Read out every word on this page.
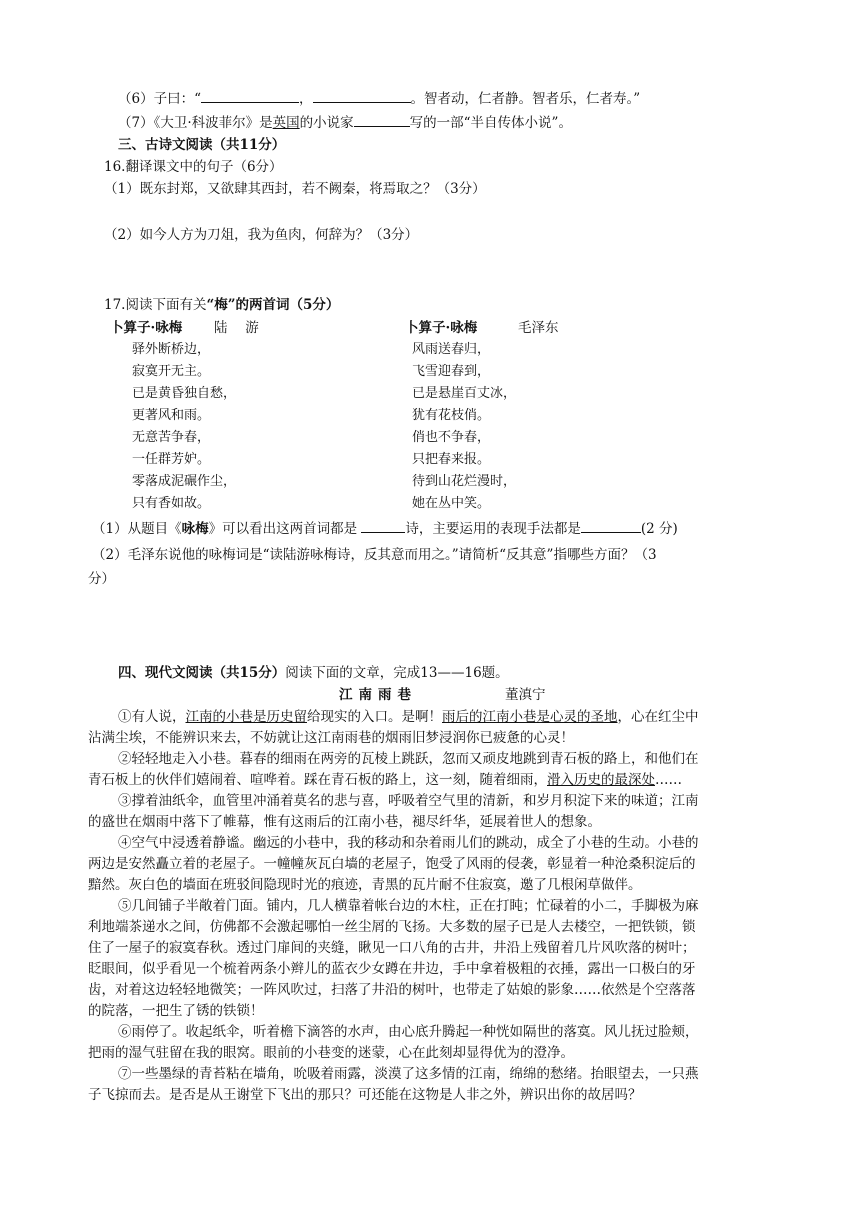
（6）子曰：“	，	。智者动，仁者静。智者乐，仁者寿。”
（7）《大卫·科波菲尔》是英国的小说家	写的一部“半自传体小说”。
三、古诗文阅读（共11分）
16.翻译课文中的句子（6分）
（1）既东封郑，又欲肆其西封，若不阙秦，将焉取之？（3分）
（2）如今人方为刀俎，我为鱼肉，何辞为？（3分）
17.阅读下面有关“梅”的两首词（5分）
卜算子·咏梅 陆　 游	卜算子·咏梅	毛泽东
驿外断桥边，
寂寞开无主。
已是黄昏独自愁，
更著风和雨。
无意苦争春，
一任群芳妒。
零落成泥碾作尘，
只有香如故。
风雨送春归，
飞雪迎春到，
已是悬崖百丈冰，
犹有花枝俏。
俏也不争春，
只把春来报。
待到山花烂漫时，
她在丛中笑。
（1）从题目《咏梅》可以看出这两首词都是	诗，主要运用的表现手法都是	(2 分)
（2）毛泽东说他的咏梅词是“读陆游咏梅诗，反其意而用之。”请简析“反其意”指哪些方面？（3
分）
四、现代文阅读（共15分）阅读下面的文章，完成13——16题。
江南雨巷	董滇宁
①有人说，江南的小巷是历史留给现实的入口。是啊！雨后的江南小巷是心灵的圣地，心在红尘中
沾满尘埃，不能辨识来去，不妨就让这江南雨巷的烟雨旧梦浸润你已疲惫的心灵！
②轻轻地走入小巷。暮春的细雨在两旁的瓦棱上跳跃，忽而又顽皮地跳到青石板的路上，和他们在
青石板上的伙伴们嬉闹着、喧哗着。踩在青石板的路上，这一刻，随着细雨，滑入历史的最深处……
③撑着油纸伞，血管里冲涌着莫名的悲与喜，呼吸着空气里的清新，和岁月积淀下来的味道；江南
的盛世在烟雨中落下了帷幕，惟有这雨后的江南小巷，褪尽纤华，延展着世人的想象。
④空气中浸透着静谧。幽远的小巷中，我的移动和杂着雨儿们的跳动，成全了小巷的生动。小巷的
两边是安然矗立着的老屋子。一幢幢灰瓦白墙的老屋子，饱受了风雨的侵袭，彰显着一种沧桑积淀后的
黯然。灰白色的墙面在班驳间隐现时光的痕迹，青黑的瓦片耐不住寂寞，邀了几根闲草做伴。
⑤几间铺子半敞着门面。铺内，几人横靠着帐台边的木柱，正在打盹；忙碌着的小二，手脚极为麻
利地端茶递水之间，仿佛都不会激起哪怕一丝尘屑的飞扬。大多数的屋子已是人去楼空，一把铁锁，锁
住了一屋子的寂寞春秋。透过门扉间的夹缝，瞅见一口八角的古井，井沿上残留着几片风吹落的树叶；
眨眼间，似乎看见一个梳着两条小辫儿的蓝衣少女蹲在井边，手中拿着极粗的衣捶，露出一口极白的牙
齿，对着这边轻轻地微笑；一阵风吹过，扫落了井沿的树叶，也带走了姑娘的影象……依然是个空落落
的院落，一把生了锈的铁锁！
⑥雨停了。收起纸伞，听着檐下滴答的水声，由心底升腾起一种恍如隔世的落寞。风儿抚过脸颊，
把雨的湿气驻留在我的眼窝。眼前的小巷变的迷蒙，心在此刻却显得优为的澄净。
⑦一些墨绿的青苔粘在墙角，吮吸着雨露，淡漠了这多情的江南，绵绵的愁绪。抬眼望去，一只燕
子飞掠而去。是否是从王谢堂下飞出的那只？可还能在这物是人非之外，辨识出你的故居吗？
